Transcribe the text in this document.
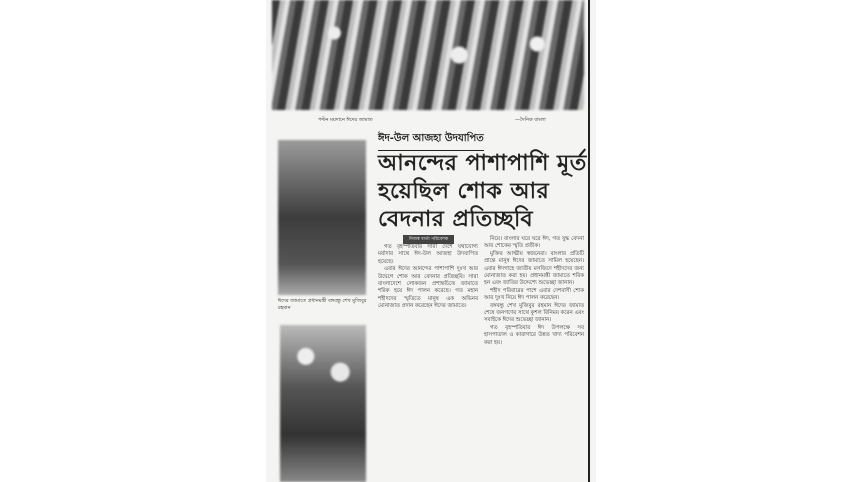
পল্টন ময়দানে ঈদের জামাত	—দৈনিক বাংলা
ঈদ-উল আজহা উদযাপিত
আনন্দের পাশাপাশি মূর্ত হয়েছিল শোক আর বেদনার প্রতিচ্ছবি
ঈদের জামাতে প্রধানমন্ত্রী বঙ্গবন্ধু শেখ মুজিবুর রহমান
নিজস্ব বার্তা পরিবেশক

গত বৃহস্পতিবার সারা দেশে যথাযোগ্য মর্যাদার সাথে ঈদ-উল আজহা উদযাপিত হয়েছে।

এবার ঈদের আনন্দের পাশাপাশি দুঃখ আর উদ্বেগে শোক আর বেদনার প্রতিচ্ছবি। সারা বাংলাদেশে লোকজন প্রশান্তচিত্তে জামাতে শরিক হয়ে ঈদ পালন করেছে। গত মহান শহীদদের স্মৃতিতে মানুষ এক অভিনব মোনাজাত প্রদান করেছেন ঈদের জামাতে।

নিয়ে। বাংলার ঘরে ঘরে ঈদ, গত যুদ্ধ বেদনা আর শোকের স্মৃতি প্রতীক।

মুক্তির আত্মীয় স্বজনেরা। বাংলার প্রতিটি প্রান্তে মানুষ ঈদের জামাতে সামিল হয়েছেন। এবার ঈদগাহে জাতীয় মসজিদে শহীদদের জন্য মোনাজাত করা হয়। প্রধানমন্ত্রী জামাতে শরিক হন এবং জাতির উদ্দেশ্যে শুভেচ্ছা জানান।

শহীদ পরিবারের পাশে এবার দেশবাসী শোক আর দুঃখ নিয়ে ঈদ পালন করেছেন।

বঙ্গবন্ধু শেখ মুজিবুর রহমান ঈদের জামাত শেষে জনগণের সাথে কুশল বিনিময় করেন এবং সবাইকে ঈদের শুভেচ্ছা জানান।

গত বৃহস্পতিবার ঈদ উপলক্ষে সব হাসপাতাল ও কারাগারে উন্নত খাদ্য পরিবেশন করা হয়।
